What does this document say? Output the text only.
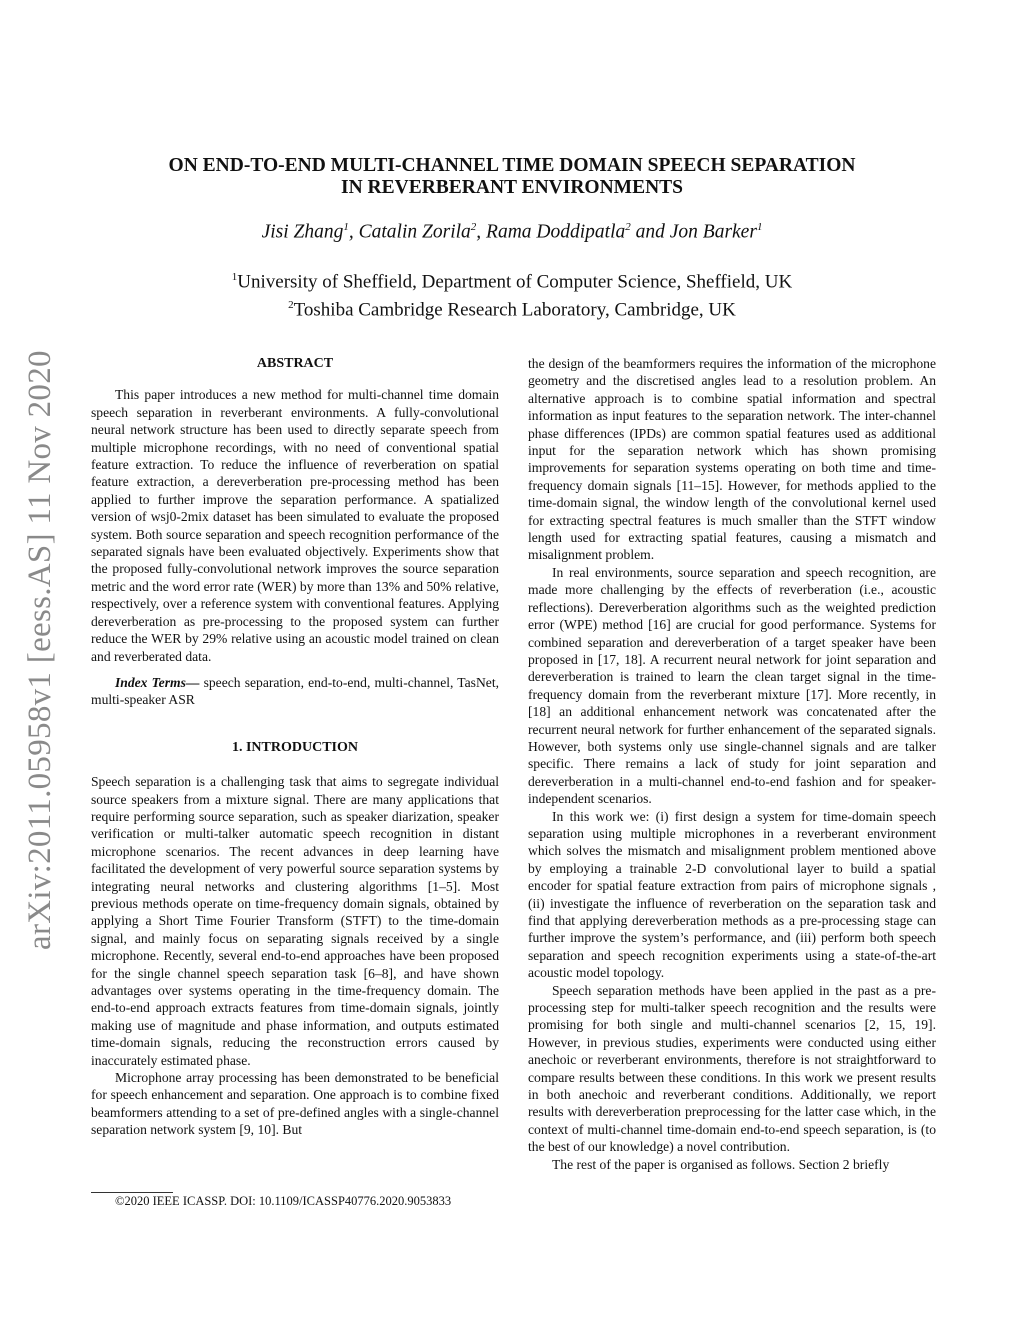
arXiv:2011.05958v1 [eess.AS] 11 Nov 2020
ON END-TO-END MULTI-CHANNEL TIME DOMAIN SPEECH SEPARATION
IN REVERBERANT ENVIRONMENTS
Jisi Zhang$^1$, Catalin Zorila$^2$, Rama Doddipatla$^2$ and Jon Barker$^1$
$^1$University of Sheffield, Department of Computer Science, Sheffield, UK
$^2$Toshiba Cambridge Research Laboratory, Cambridge, UK
ABSTRACT

This paper introduces a new method for multi-channel time domain speech separation in reverberant environments. A fully-convolutional neural network structure has been used to directly separate speech from multiple microphone recordings, with no need of conventional spatial feature extraction. To reduce the influence of reverberation on spatial feature extraction, a dereverberation pre-processing method has been applied to further improve the separation performance. A spatialized version of wsj0-2mix dataset has been simulated to evaluate the proposed system. Both source separation and speech recognition performance of the separated signals have been evaluated objectively. Experiments show that the proposed fully-convolutional network improves the source separation metric and the word error rate (WER) by more than 13% and 50% relative, respectively, over a reference system with conventional features. Applying dereverberation as pre-processing to the proposed system can further reduce the WER by 29% relative using an acoustic model trained on clean and reverberated data.

Index Terms— speech separation, end-to-end, multi-channel, TasNet, multi-speaker ASR

1. INTRODUCTION

Speech separation is a challenging task that aims to segregate individual source speakers from a mixture signal. There are many applications that require performing source separation, such as speaker diarization, speaker verification or multi-talker automatic speech recognition in distant microphone scenarios. The recent advances in deep learning have facilitated the development of very powerful source separation systems by integrating neural networks and clustering algorithms [1–5]. Most previous methods operate on time-frequency domain signals, obtained by applying a Short Time Fourier Transform (STFT) to the time-domain signal, and mainly focus on separating signals received by a single microphone. Recently, several end-to-end approaches have been proposed for the single channel speech separation task [6–8], and have shown advantages over systems operating in the time-frequency domain. The end-to-end approach extracts features from time-domain signals, jointly making use of magnitude and phase information, and outputs estimated time-domain signals, reducing the reconstruction errors caused by inaccurately estimated phase.

Microphone array processing has been demonstrated to be beneficial for speech enhancement and separation. One approach is to combine fixed beamformers attending to a set of pre-defined angles with a single-channel separation network system [9, 10]. But

the design of the beamformers requires the information of the microphone geometry and the discretised angles lead to a resolution problem. An alternative approach is to combine spatial information and spectral information as input features to the separation network. The inter-channel phase differences (IPDs) are common spatial features used as additional input for the separation network which has shown promising improvements for separation systems operating on both time and time-frequency domain signals [11–15]. However, for methods applied to the time-domain signal, the window length of the convolutional kernel used for extracting spectral features is much smaller than the STFT window length used for extracting spatial features, causing a mismatch and misalignment problem.

In real environments, source separation and speech recognition, are made more challenging by the effects of reverberation (i.e., acoustic reflections). Dereverberation algorithms such as the weighted prediction error (WPE) method [16] are crucial for good performance. Systems for combined separation and dereverberation of a target speaker have been proposed in [17, 18]. A recurrent neural network for joint separation and dereverberation is trained to learn the clean target signal in the time-frequency domain from the reverberant mixture [17]. More recently, in [18] an additional enhancement network was concatenated after the recurrent neural network for further enhancement of the separated signals. However, both systems only use single-channel signals and are talker specific. There remains a lack of study for joint separation and dereverberation in a multi-channel end-to-end fashion and for speaker-independent scenarios.

In this work we: (i) first design a system for time-domain speech separation using multiple microphones in a reverberant environment which solves the mismatch and misalignment problem mentioned above by employing a trainable 2-D convolutional layer to build a spatial encoder for spatial feature extraction from pairs of microphone signals , (ii) investigate the influence of reverberation on the separation task and find that applying dereverberation methods as a pre-processing stage can further improve the system’s performance, and (iii) perform both speech separation and speech recognition experiments using a state-of-the-art acoustic model topology.

Speech separation methods have been applied in the past as a pre-processing step for multi-talker speech recognition and the results were promising for both single and multi-channel scenarios [2, 15, 19]. However, in previous studies, experiments were conducted using either anechoic or reverberant environments, therefore is not straightforward to compare results between these conditions. In this work we present results in both anechoic and reverberant conditions. Additionally, we report results with dereverberation preprocessing for the latter case which, in the context of multi-channel time-domain end-to-end speech separation, is (to the best of our knowledge) a novel contribution.

The rest of the paper is organised as follows. Section 2 briefly

©2020 IEEE ICASSP. DOI: 10.1109/ICASSP40776.2020.9053833
